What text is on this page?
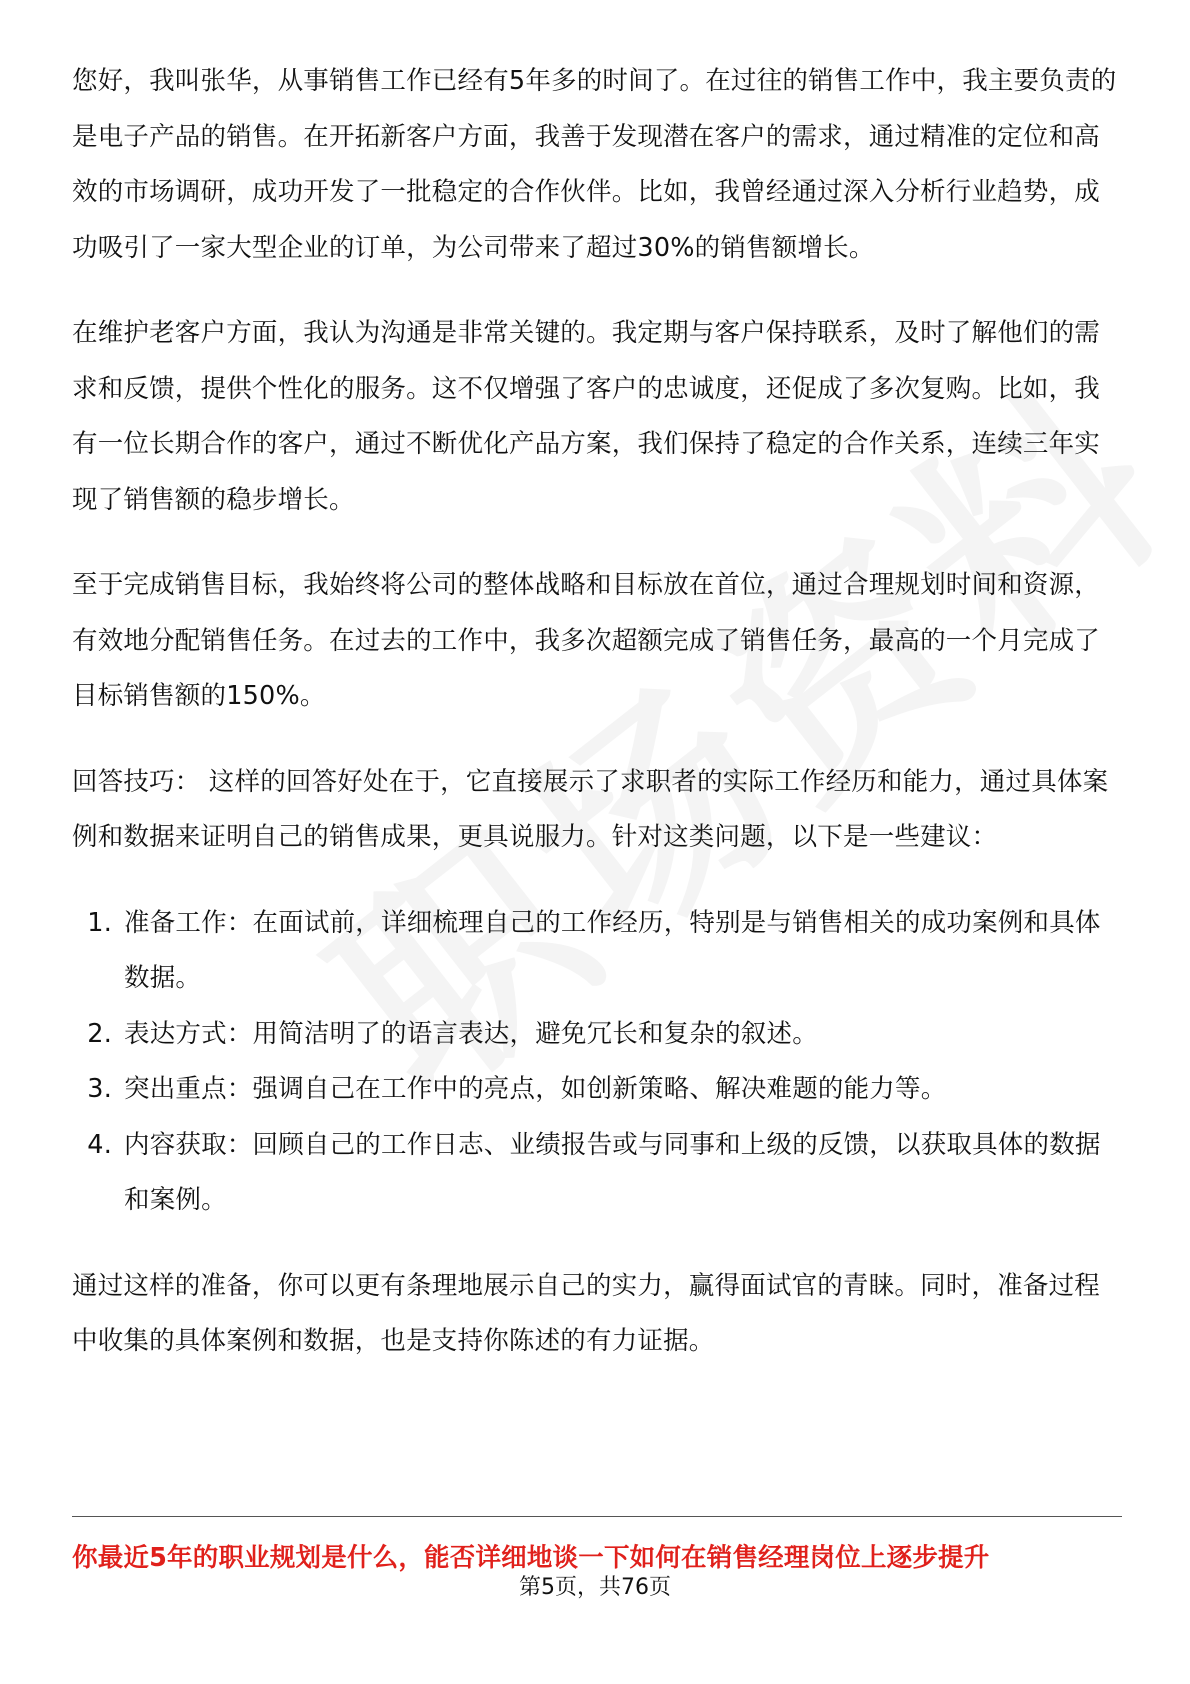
您好，我叫张华，从事销售工作已经有5年多的时间了。在过往的销售工作中，我主要负责的是电子产品的销售。在开拓新客户方面，我善于发现潜在客户的需求，通过精准的定位和高效的市场调研，成功开发了一批稳定的合作伙伴。比如，我曾经通过深入分析行业趋势，成功吸引了一家大型企业的订单，为公司带来了超过30%的销售额增长。

在维护老客户方面，我认为沟通是非常关键的。我定期与客户保持联系，及时了解他们的需求和反馈，提供个性化的服务。这不仅增强了客户的忠诚度，还促成了多次复购。比如，我有一位长期合作的客户，通过不断优化产品方案，我们保持了稳定的合作关系，连续三年实现了销售额的稳步增长。

至于完成销售目标，我始终将公司的整体战略和目标放在首位，通过合理规划时间和资源，有效地分配销售任务。在过去的工作中，我多次超额完成了销售任务，最高的一个月完成了目标销售额的150%。

回答技巧： 这样的回答好处在于，它直接展示了求职者的实际工作经历和能力，通过具体案例和数据来证明自己的销售成果，更具说服力。针对这类问题，以下是一些建议：

1. 准备工作：在面试前，详细梳理自己的工作经历，特别是与销售相关的成功案例和具体数据。
2. 表达方式：用简洁明了的语言表达，避免冗长和复杂的叙述。
3. 突出重点：强调自己在工作中的亮点，如创新策略、解决难题的能力等。
4. 内容获取：回顾自己的工作日志、业绩报告或与同事和上级的反馈，以获取具体的数据和案例。

通过这样的准备，你可以更有条理地展示自己的实力，赢得面试官的青睐。同时，准备过程中收集的具体案例和数据，也是支持你陈述的有力证据。

你最近5年的职业规划是什么，能否详细地谈一下如何在销售经理岗位上逐步提升
第5页，共76页
